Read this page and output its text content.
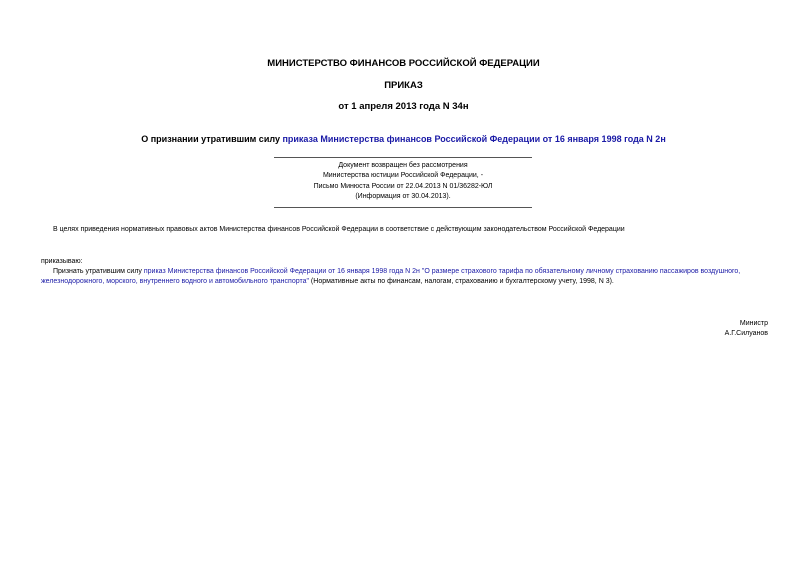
МИНИСТЕРСТВО ФИНАНСОВ РОССИЙСКОЙ ФЕДЕРАЦИИ
ПРИКАЗ
от 1 апреля 2013 года N 34н
О признании утратившим силу приказа Министерства финансов Российской Федерации от 16 января 1998 года N 2н
Документ возвращен без рассмотрения
Министерства юстиции Российской Федерации, -
Письмо Минюста России от 22.04.2013 N 01/36282-ЮЛ
(Информация от 30.04.2013).
В целях приведения нормативных правовых актов Министерства финансов Российской Федерации в соответствие с действующим законодательством Российской Федерации
приказываю:
Признать утратившим силу приказ Министерства финансов Российской Федерации от 16 января 1998 года N 2н "О размере страхового тарифа по обязательному личному страхованию пассажиров воздушного,
железнодорожного, морского, внутреннего водного и автомобильного транспорта" (Нормативные акты по финансам, налогам, страхованию и бухгалтерскому учету, 1998, N 3).
Министр
А.Г.Силуанов
